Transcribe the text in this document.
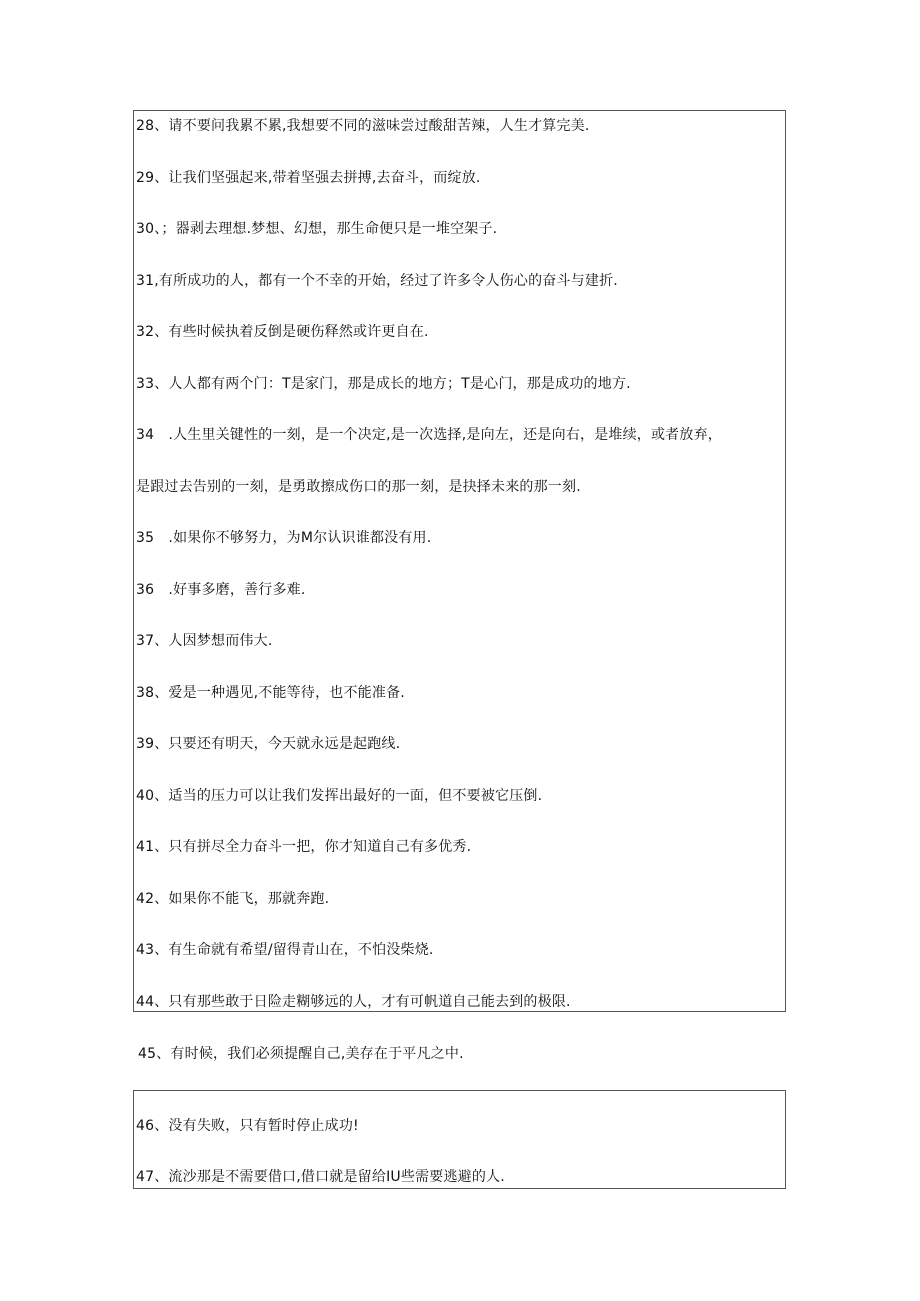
28、请不要问我累不累,我想要不同的滋味尝过酸甜苦辣，人生才算完美.
29、让我们坚强起来,带着坚强去拼搏,去奋斗，而绽放.
30、；器剥去理想.梦想、幻想，那生命便只是一堆空架子.
31,有所成功的人，都有一个不幸的开始，经过了许多令人伤心的奋斗与建折.
32、有些时候执着反倒是硬伤释然或许更自在.
33、人人都有两个门：T是家门，那是成长的地方；T是心门，那是成功的地方.
34　.人生里关键性的一刻，是一个决定,是一次选择,是向左，还是向右，是堆续，或者放弃，
是跟过去告别的一刻，是勇敢擦成伤口的那一刻，是抉择未来的那一刻.
35　.如果你不够努力，为M尔认识谁都没有用.
36　.好事多磨，善行多难.
37、人因梦想而伟大.
38、爱是一种遇见,不能等待，也不能准备.
39、只要还有明天，今天就永远是起跑线.
40、适当的压力可以让我们发挥出最好的一面，但不要被它压倒.
41、只有拼尽全力奋斗一把，你才知道自己有多优秀.
42、如果你不能飞，那就奔跑.
43、有生命就有希望/留得青山在，不怕没柴烧.
44、只有那些敢于日险走糊够远的人，才有可帆道自己能去到的极限.
45、有时候，我们必须提醒自己,美存在于平凡之中.
46、没有失败，只有暂时停止成功!
47、流沙那是不需要借口,借口就是留给IU些需要逃避的人.
